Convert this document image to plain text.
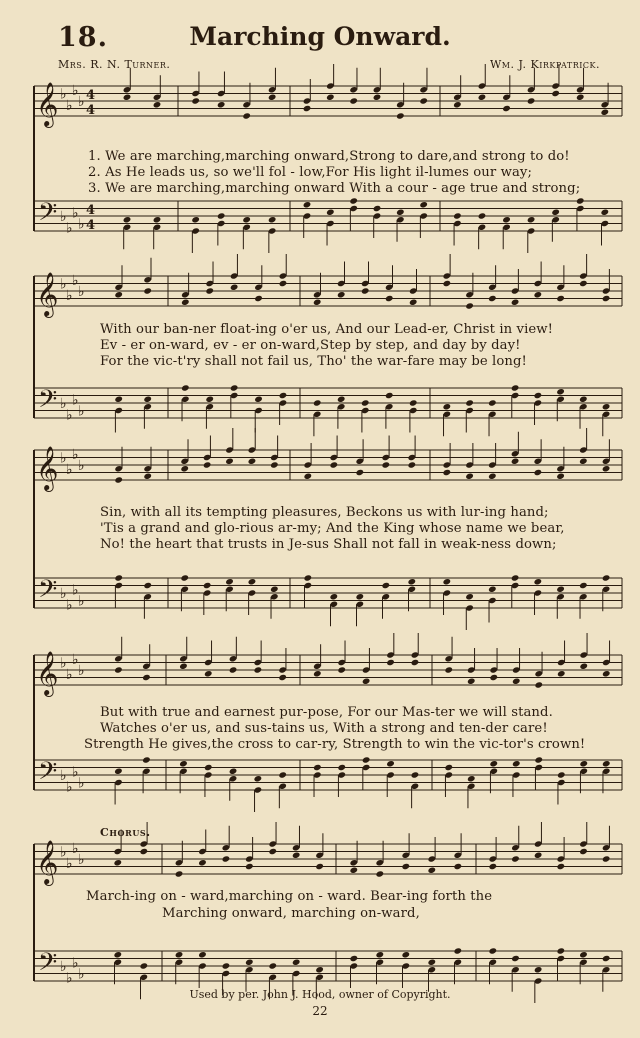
18.	Marching Onward.
Mrs. R. N. Turner.	Wm. J. Kirkpatrick.
𝄞
𝄢
♭
♭
♭
♭
♭
♭
♭
♭
4
4
4
4
𝄞
𝄢
♭
♭
♭
♭
♭
♭
♭
♭
𝄞
𝄢
♭
♭
♭
♭
♭
♭
♭
♭
𝄞
𝄢
♭
♭
♭
♭
♭
♭
♭
♭
𝄞
𝄢
♭
♭
♭
♭
♭
♭
♭
♭
1. We are marching,marching onward,Strong to dare,and strong to do!
2. As He leads us, so we'll fol - low,For His light il-lumes our way;
3. We are marching,marching onward With a cour - age true and strong;
With our ban-ner float-ing o'er us, And our Lead-er, Christ in view!
Ev - er on-ward, ev - er on-ward,Step by step, and day by day!
For the vic-t'ry shall not fail us, Tho' the war-fare may be long!
Sin, with all its tempting pleasures, Beckons us with lur-ing hand;
'Tis a grand and glo-rious ar-my; And the King whose name we bear,
No! the heart that trusts in Je-sus Shall not fall in weak-ness down;
But with true and earnest pur-pose, For our Mas-ter we will stand.
Watches o'er us, and sus-tains us, With a strong and ten-der care!
Strength He gives,the cross to car-ry, Strength to win the vic-tor's crown!
Chorus.
March-ing on - ward,marching on - ward. Bear-ing forth the
Marching onward, marching on-ward,
Used by per. John J. Hood, owner of Copyright.
22
